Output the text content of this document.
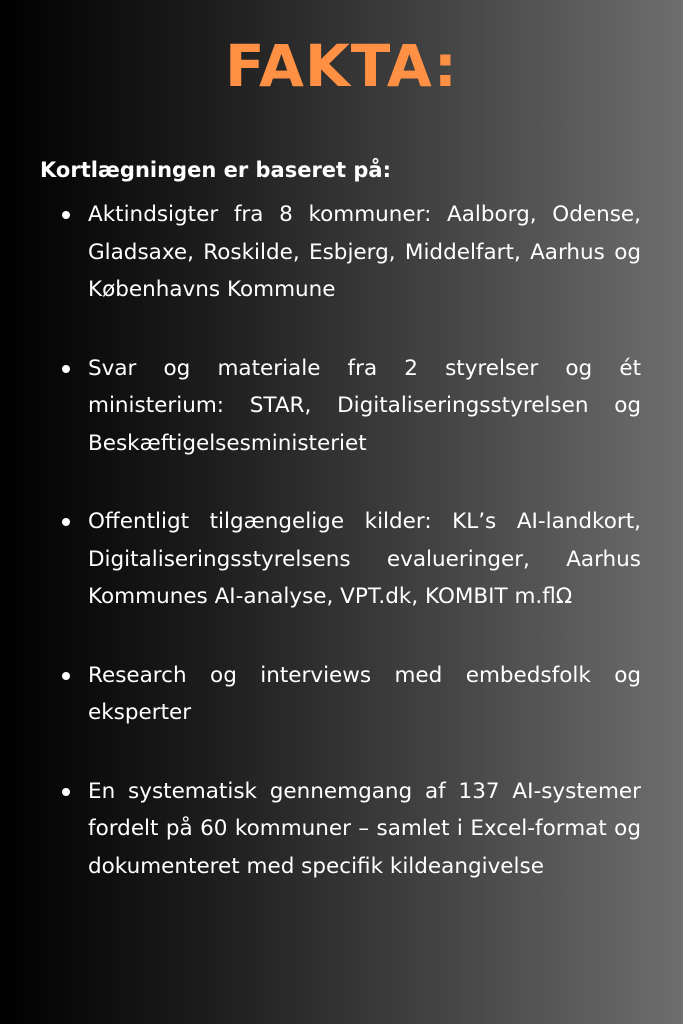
FAKTA:

Kortlægningen er baseret på:

Aktindsigter fra 8 kommuner: Aalborg, Odense, Gladsaxe, Roskilde, Esbjerg, Middelfart, Aarhus og Københavns Kommune
Svar og materiale fra 2 styrelser og ét ministerium: STAR, Digitaliseringsstyrelsen og Beskæftigelsesministeriet
Offentligt tilgængelige kilder: KL’s AI-landkort, Digitaliseringsstyrelsens evalueringer, Aarhus Kommunes AI-analyse, VPT.dk, KOMBIT m.flΩ
Research og interviews med embedsfolk og eksperter
En systematisk gennemgang af 137 AI-systemer fordelt på 60 kommuner – samlet i Excel-format og dokumenteret med specifik kildeangivelse
